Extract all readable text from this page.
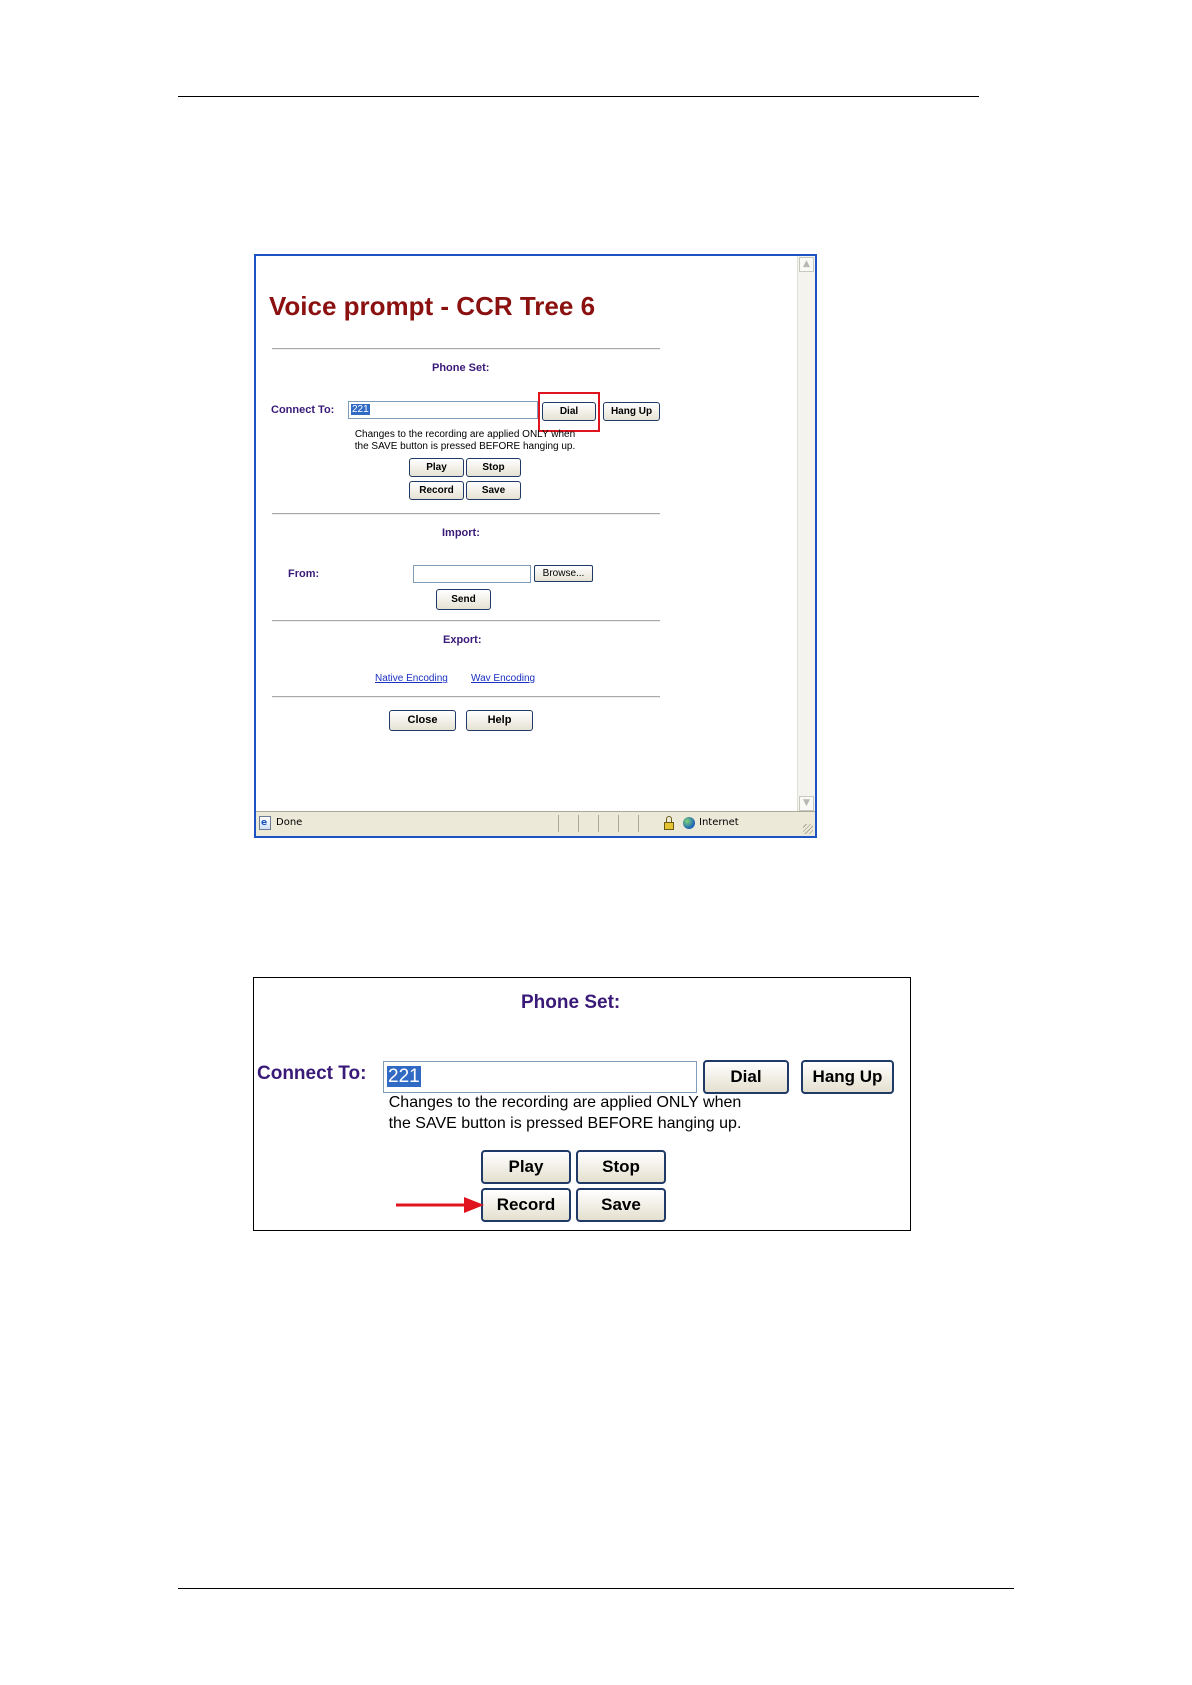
Voice prompt - CCR Tree 6
Phone Set:
Connect To:	221	Dial	Hang Up
Changes to the recording are applied ONLY when
the SAVE button is pressed BEFORE hanging up.
Play	Stop
Record	Save
Import:
From:	Browse...
Send
Export:
Native Encoding Wav Encoding
Close	Help
▲
▼
e Done	Internet
Phone Set:
Connect To: 221	Dial	Hang Up
Changes to the recording are applied ONLY when
the SAVE button is pressed BEFORE hanging up.
Play	Stop
Record	Save
